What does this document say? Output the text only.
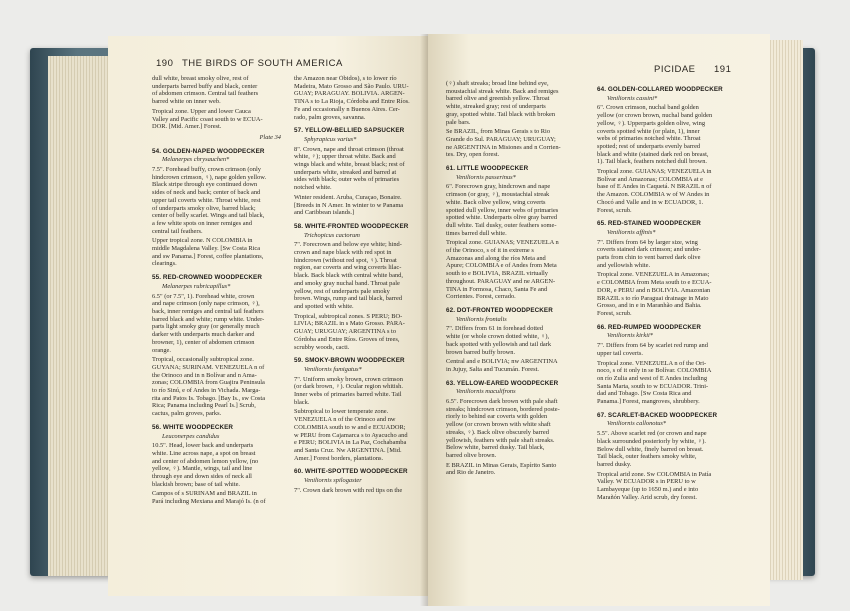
190 THE BIRDS OF SOUTH AMERICA

dull white, breast smoky olive, rest of
underparts barred buffy and black, center
of abdomen crimson. Central tail feathers
barred white on inner web.

Tropical zone. Upper and lower Cauca
Valley and Pacific coast south to w ECUA-
DOR. [Mid. Amer.] Forest.

Plate 34
54. GOLDEN-NAPED WOODPECKER
Melanerpes chrysauchen*

7.5". Forehead buffy, crown crimson (only
hindcrown crimson, ♀), nape golden yellow.
Black stripe through eye continued down
sides of neck and back; center of back and
upper tail coverts white. Throat white, rest
of underparts smoky olive, barred black;
center of belly scarlet. Wings and tail black,
a few white spots on inner remiges and
central tail feathers.

Upper tropical zone. N COLOMBIA in
middle Magdalena Valley. [Sw Costa Rica
and sw Panama.] Forest, coffee plantations,
clearings.

55. RED-CROWNED WOODPECKER
Melanerpes rubricapillus*

6.5" (or 7.5", 1). Forehead white, crown
and nape crimson (only nape crimson, ♀),
back, inner remiges and central tail feathers
barred black and white; rump white. Under-
parts light smoky gray (or generally much
darker with underparts much darker and
browner, 1), center of abdomen crimson
orange.

Tropical, occasionally subtropical zone.
GUYANA; SURINAM. VENEZUELA n of
the Orinoco and in n Bolívar and n Ama-
zonas; COLOMBIA from Guajira Peninsula
to río Sinú, e of Andes in Vichada. Marga-
rita and Patos Is. Tobago. [Bay Is., sw Costa
Rica; Panama including Pearl Is.] Scrub,
cactus, palm groves, parks.

56. WHITE WOODPECKER
Leuconerpes candidus

10.5". Head, lower back and underparts
white. Line across nape, a spot on breast
and center of abdomen lemon yellow, (no
yellow, ♀). Mantle, wings, tail and line
through eye and down sides of neck all
blackish brown; base of tail white.

Campos of s SURINAM and BRAZIL in
Pará including Mexiana and Marajó Is. (n of

the Amazon near Óbidos), s to lower río
Madeira, Mato Grosso and São Paulo. URU-
GUAY; PARAGUAY. BOLIVIA. ARGEN-
TINA s to La Rioja, Córdoba and Entre Ríos.
Fe and occasionally n Buenos Aires. Cer-
rado, palm groves, savanna.

57. YELLOW-BELLIED SAPSUCKER
Sphyrapicus varius*

8". Crown, nape and throat crimson (throat
white, ♀); upper throat white. Back and
wings black and white, breast black; rest of
underparts white, streaked and barred at
sides with black; outer webs of primaries
notched white.

Winter resident. Aruba, Curaçao, Bonaire.
[Breeds in N Amer. In winter to w Panama
and Caribbean islands.]

58. WHITE-FRONTED WOODPECKER
Trichopicus cactorum

7". Forecrown and below eye white; hind-
crown and nape black with red spot in
hindcrown (without red spot, ♀). Throat
region, ear coverts and wing coverts lilac-
black. Back black with central white band,
and smoky gray nuchal band. Throat pale
yellow, rest of underparts pale smoky
brown. Wings, rump and tail black, barred
and spotted with white.

Tropical, subtropical zones. S PERU; BO-
LIVIA; BRAZIL in s Mato Grosso. PARA-
GUAY; URUGUAY; ARGENTINA s to
Córdoba and Entre Ríos. Groves of trees,
scrubby woods, cacti.

59. SMOKY-BROWN WOODPECKER
Veniliornis fumigatus*

7". Uniform smoky brown, crown crimson
(or dark brown, ♀). Ocular region whitish.
Inner webs of primaries barred white. Tail
black.

Subtropical to lower temperate zone.
VENEZUELA n of the Orinoco and nw
COLOMBIA south to w and e ECUADOR;
w PERU from Cajamarca s to Ayacucho and
e PERU; BOLIVIA in La Paz, Cochabamba
and Santa Cruz. Nw ARGENTINA. [Mid.
Amer.] Forest borders, plantations.

60. WHITE-SPOTTED WOODPECKER
Veniliornis spilogaster

7". Crown dark brown with red tips on the

PICIDAE 191

(♀) shaft streaks; broad line behind eye,
moustachial streak white. Back and remiges
barred olive and greenish yellow. Throat
white, streaked gray; rest of underparts
gray, spotted white. Tail black with broken
pale bars.

Se BRAZIL, from Minas Gerais s to Rio
Grande do Sul. PARAGUAY; URUGUAY;
ne ARGENTINA in Misiones and n Corrien-
tes. Dry, open forest.

61. LITTLE WOODPECKER
Veniliornis passerinus*

6". Forecrown gray, hindcrown and nape
crimson (or gray, ♀), moustachial streak
white. Back olive yellow, wing coverts
spotted dull yellow, inner webs of primaries
spotted white. Underparts olive gray barred
dull white. Tail dusky, outer feathers some-
times barred dull white.

Tropical zone. GUIANAS; VENEZUELA n
of the Orinoco, s of it in extreme s
Amazonas and along the ríos Meta and
Apure; COLOMBIA e of Andes from Meta
south to e BOLIVIA, BRAZIL virtually
throughout. PARAGUAY and ne ARGEN-
TINA in Formosa, Chaco, Santa Fe and
Corrientes. Forest, cerrado.

62. DOT-FRONTED WOODPECKER
Veniliornis frontalis

7". Differs from 61 in forehead dotted
white (or whole crown dotted white, ♀),
back spotted with yellowish and tail dark
brown barred buffy brown.

Central and e BOLIVIA; nw ARGENTINA
in Jujuy, Salta and Tucumán. Forest.

63. YELLOW-EARED WOODPECKER
Veniliornis maculifrons

6.5". Forecrown dark brown with pale shaft
streaks; hindcrown crimson, bordered poste-
riorly to behind ear coverts with golden
yellow (or crown brown with white shaft
streaks, ♀). Back olive obscurely barred
yellowish, feathers with pale shaft streaks.
Below white, barred dusky. Tail black,
barred olive brown.

E BRAZIL in Minas Gerais, Espírito Santo
and Rio de Janeiro.

64. GOLDEN-COLLARED WOODPECKER
Veniliornis cassini*

6". Crown crimson, nuchal band golden
yellow (or crown brown, nuchal band golden
yellow, ♀). Upperparts golden olive, wing
coverts spotted white (or plain, 1), inner
webs of primaries notched white. Throat
spotted; rest of underparts evenly barred
black and white (stained dark red on breast,
1). Tail black, feathers notched dull brown.

Tropical zone. GUIANAS; VENEZUELA in
Bolívar and Amazonas; COLOMBIA at e
base of E Andes in Caquetá. N BRAZIL n of
the Amazon. COLOMBIA w of W Andes in
Chocó and Valle and in w ECUADOR, 1.
Forest, scrub.

65. RED-STAINED WOODPECKER
Veniliornis affinis*

7". Differs from 64 by larger size, wing
coverts stained dark crimson; and under-
parts from chin to vent barred dark olive
and yellowish white.

Tropical zone. VENEZUELA in Amazonas;
e COLOMBIA from Meta south to e ECUA-
DOR, e PERU and n BOLIVIA. Amazonian
BRAZIL s to río Paraguai drainage in Mato
Grosso, and in e in Maranhão and Bahia.
Forest, scrub.

66. RED-RUMPED WOODPECKER
Veniliornis kirkii*

7". Differs from 64 by scarlet red rump and
upper tail coverts.

Tropical zone. VENEZUELA n of the Ori-
noco, s of it only in se Bolívar. COLOMBIA
on río Zulia and west of E Andes including
Santa Marta, south to w ECUADOR. Trini-
dad and Tobago. [Sw Costa Rica and
Panama.] Forest, mangroves, shrubbery.

67. SCARLET-BACKED WOODPECKER
Veniliornis callonotus*

5.5". Above scarlet red (or crown and nape
black surrounded posteriorly by white, ♀).
Below dull white, finely barred on breast.
Tail black, outer feathers smoky white,
barred dusky.

Tropical arid zone. Sw COLOMBIA in Patía
Valley. W ECUADOR s in PERU to w
Lambayeque (up to 1650 m.) and e into
Marañón Valley. Arid scrub, dry forest.
